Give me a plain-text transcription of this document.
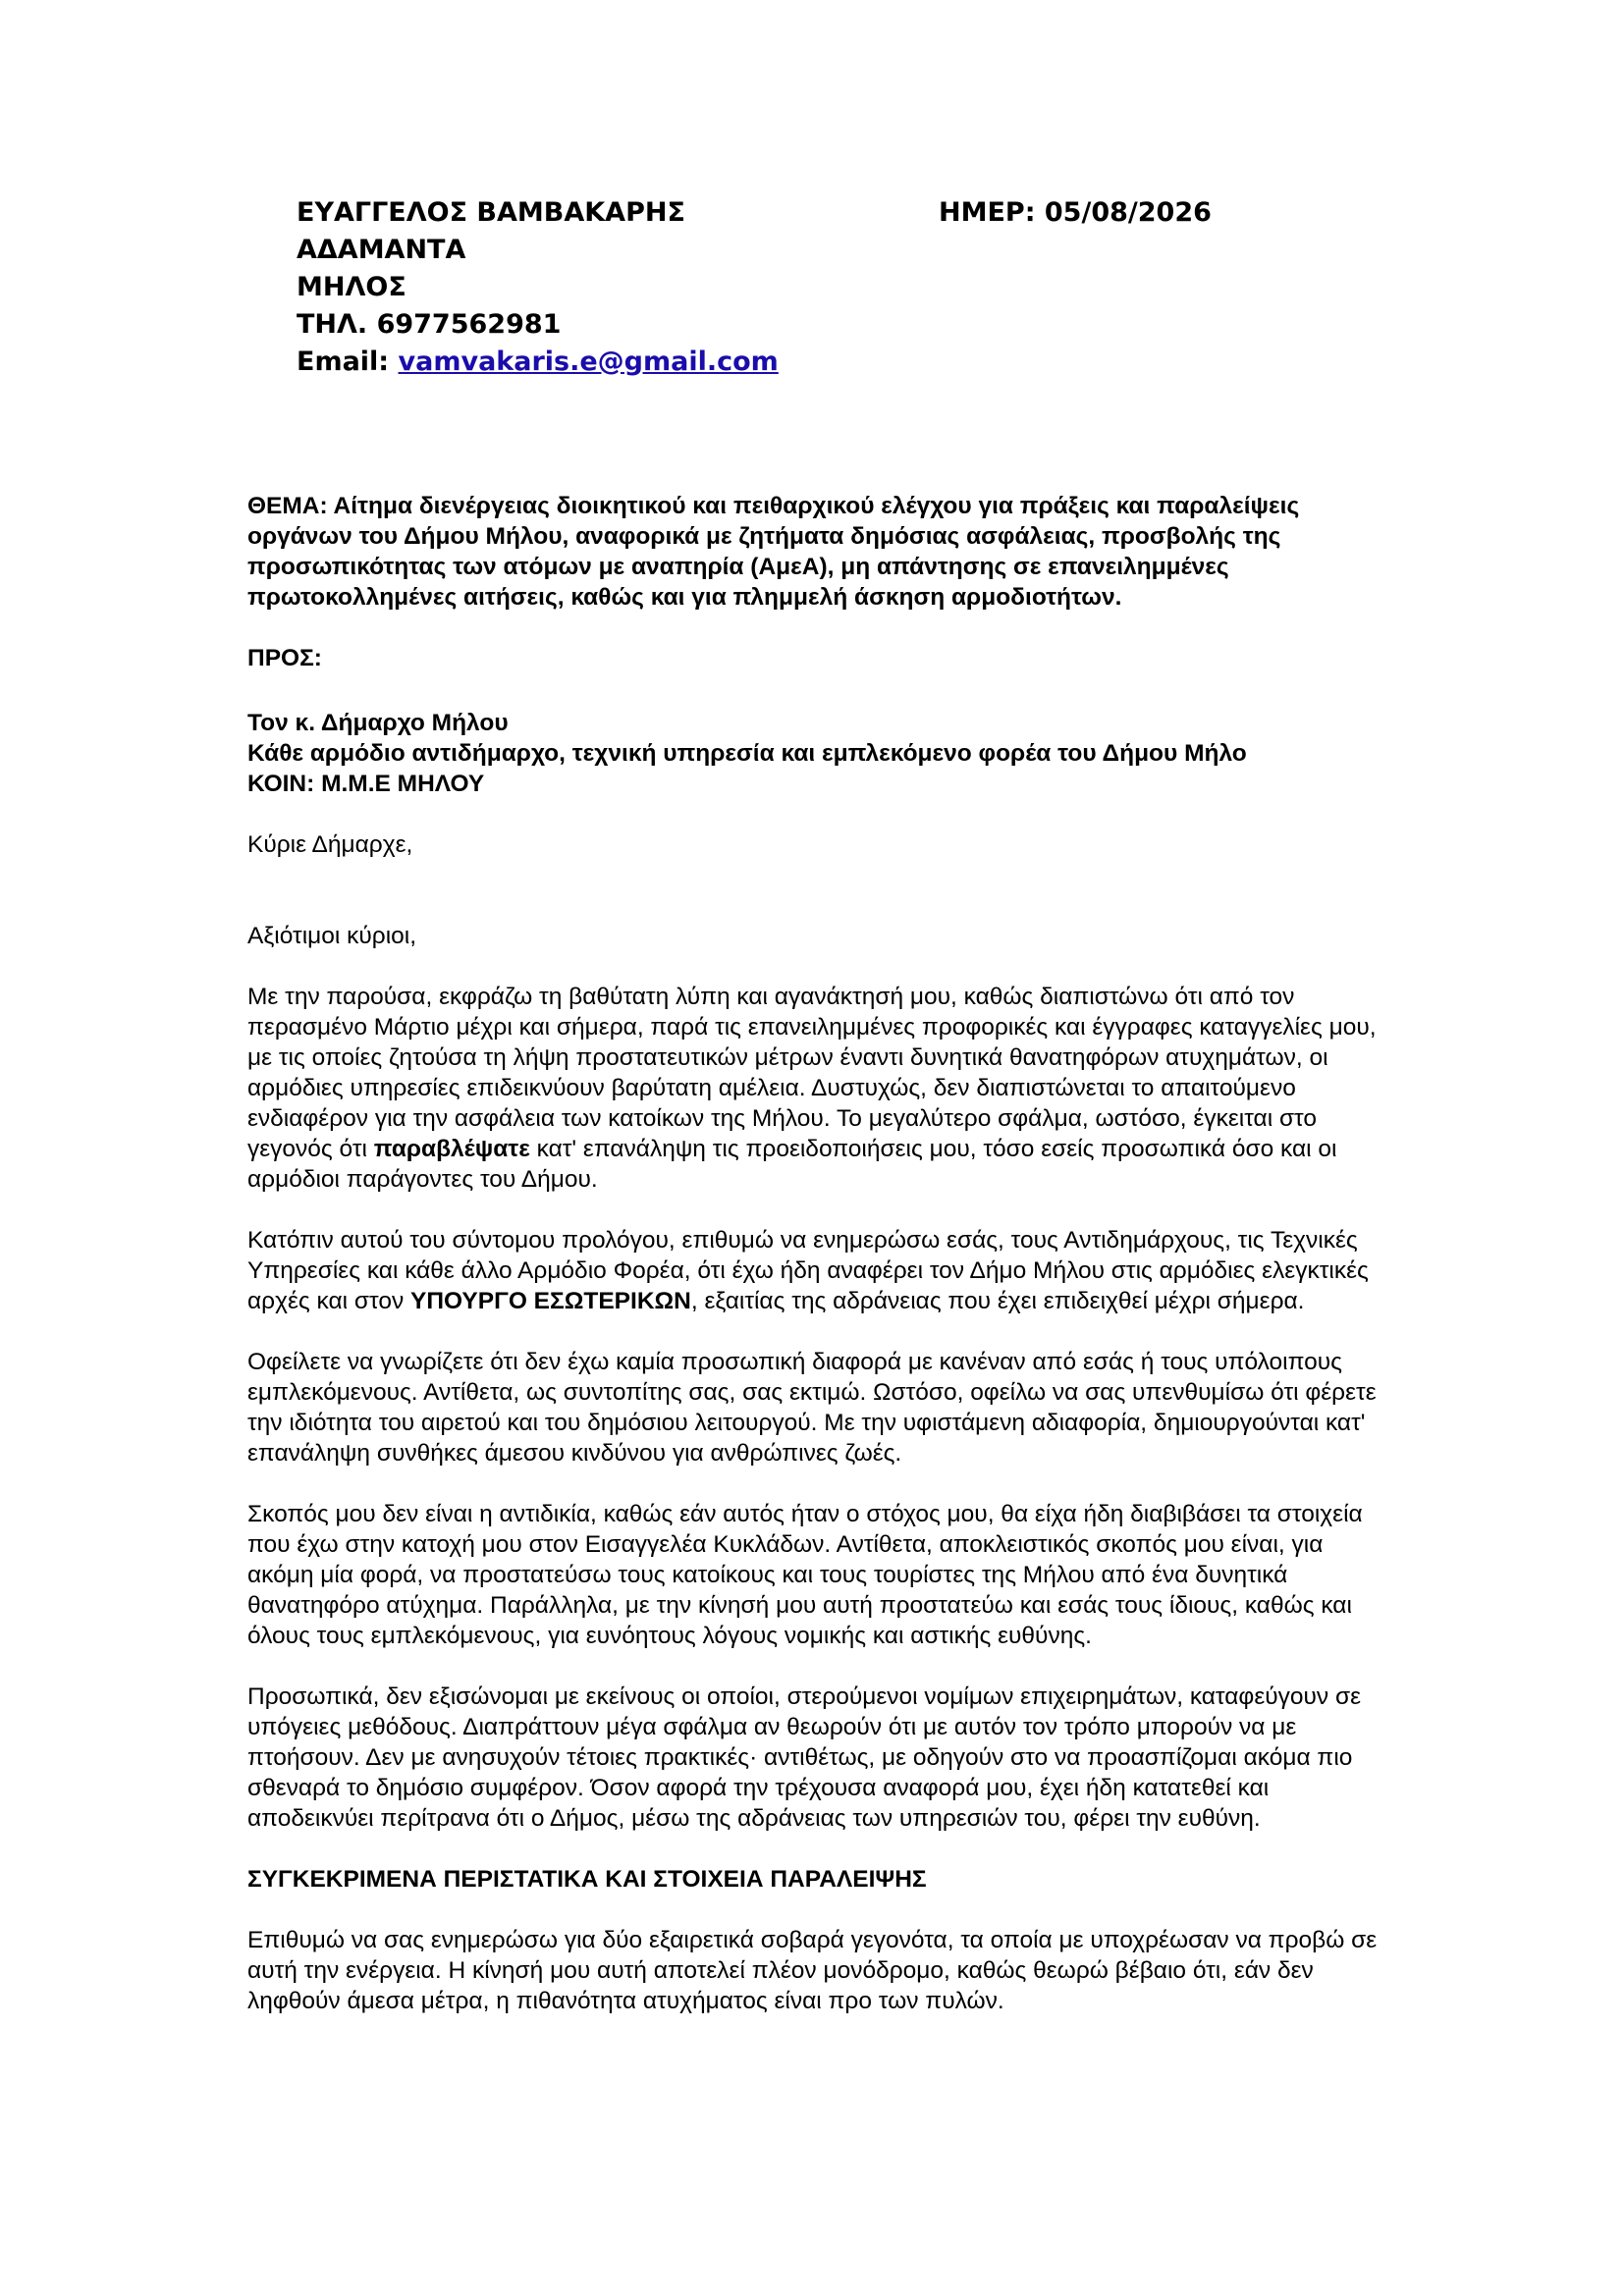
ΕΥΑΓΓΕΛΟΣ ΒΑΜΒΑΚΑΡΗΣ
ΑΔΑΜΑΝΤΑ
ΜΗΛΟΣ
ΤΗΛ. 6977562981
Email: vamvakaris.e@gmail.com
ΗΜΕΡ: 05/08/2026

ΘΕΜΑ: Αίτημα διενέργειας διοικητικού και πειθαρχικού ελέγχου για πράξεις και παραλείψεις οργάνων του Δήμου Μήλου, αναφορικά με ζητήματα δημόσιας ασφάλειας, προσβολής της προσωπικότητας των ατόμων με αναπηρία (ΑμεΑ), μη απάντησης σε επανειλημμένες πρωτοκολλημένες αιτήσεις, καθώς και για πλημμελή άσκηση αρμοδιοτήτων.

ΠΡΟΣ:

Τον κ. Δήμαρχο Μήλου
Κάθε αρμόδιο αντιδήμαρχο, τεχνική υπηρεσία και εμπλεκόμενο φορέα του Δήμου Μήλο
ΚΟΙΝ: Μ.Μ.Ε ΜΗΛΟΥ

Κύριε Δήμαρχε,

Αξιότιμοι κύριοι,

Με την παρούσα, εκφράζω τη βαθύτατη λύπη και αγανάκτησή μου, καθώς διαπιστώνω ότι από τον περασμένο Μάρτιο μέχρι και σήμερα, παρά τις επανειλημμένες προφορικές και έγγραφες καταγγελίες μου, με τις οποίες ζητούσα τη λήψη προστατευτικών μέτρων έναντι δυνητικά θανατηφόρων ατυχημάτων, οι αρμόδιες υπηρεσίες επιδεικνύουν βαρύτατη αμέλεια. Δυστυχώς, δεν διαπιστώνεται το απαιτούμενο ενδιαφέρον για την ασφάλεια των κατοίκων της Μήλου. Το μεγαλύτερο σφάλμα, ωστόσο, έγκειται στο γεγονός ότι παραβλέψατε κατ' επανάληψη τις προειδοποιήσεις μου, τόσο εσείς προσωπικά όσο και οι αρμόδιοι παράγοντες του Δήμου.

Κατόπιν αυτού του σύντομου προλόγου, επιθυμώ να ενημερώσω εσάς, τους Αντιδημάρχους, τις Τεχνικές Υπηρεσίες και κάθε άλλο Αρμόδιο Φορέα, ότι έχω ήδη αναφέρει τον Δήμο Μήλου στις αρμόδιες ελεγκτικές αρχές και στον ΥΠΟΥΡΓΟ ΕΣΩΤΕΡΙΚΩΝ, εξαιτίας της αδράνειας που έχει επιδειχθεί μέχρι σήμερα.

Οφείλετε να γνωρίζετε ότι δεν έχω καμία προσωπική διαφορά με κανέναν από εσάς ή τους υπόλοιπους εμπλεκόμενους. Αντίθετα, ως συντοπίτης σας, σας εκτιμώ. Ωστόσο, οφείλω να σας υπενθυμίσω ότι φέρετε την ιδιότητα του αιρετού και του δημόσιου λειτουργού. Με την υφιστάμενη αδιαφορία, δημιουργούνται κατ' επανάληψη συνθήκες άμεσου κινδύνου για ανθρώπινες ζωές.

Σκοπός μου δεν είναι η αντιδικία, καθώς εάν αυτός ήταν ο στόχος μου, θα είχα ήδη διαβιβάσει τα στοιχεία που έχω στην κατοχή μου στον Εισαγγελέα Κυκλάδων. Αντίθετα, αποκλειστικός σκοπός μου είναι, για ακόμη μία φορά, να προστατεύσω τους κατοίκους και τους τουρίστες της Μήλου από ένα δυνητικά θανατηφόρο ατύχημα. Παράλληλα, με την κίνησή μου αυτή προστατεύω και εσάς τους ίδιους, καθώς και όλους τους εμπλεκόμενους, για ευνόητους λόγους νομικής και αστικής ευθύνης.

Προσωπικά, δεν εξισώνομαι με εκείνους οι οποίοι, στερούμενοι νομίμων επιχειρημάτων, καταφεύγουν σε υπόγειες μεθόδους. Διαπράττουν μέγα σφάλμα αν θεωρούν ότι με αυτόν τον τρόπο μπορούν να με πτοήσουν. Δεν με ανησυχούν τέτοιες πρακτικές· αντιθέτως, με οδηγούν στο να προασπίζομαι ακόμα πιο σθεναρά το δημόσιο συμφέρον. Όσον αφορά την τρέχουσα αναφορά μου, έχει ήδη κατατεθεί και αποδεικνύει περίτρανα ότι ο Δήμος, μέσω της αδράνειας των υπηρεσιών του, φέρει την ευθύνη.

ΣΥΓΚΕΚΡΙΜΕΝΑ ΠΕΡΙΣΤΑΤΙΚΑ ΚΑΙ ΣΤΟΙΧΕΙΑ ΠΑΡΑΛΕΙΨΗΣ

Επιθυμώ να σας ενημερώσω για δύο εξαιρετικά σοβαρά γεγονότα, τα οποία με υποχρέωσαν να προβώ σε αυτή την ενέργεια. Η κίνησή μου αυτή αποτελεί πλέον μονόδρομο, καθώς θεωρώ βέβαιο ότι, εάν δεν ληφθούν άμεσα μέτρα, η πιθανότητα ατυχήματος είναι προ των πυλών.
